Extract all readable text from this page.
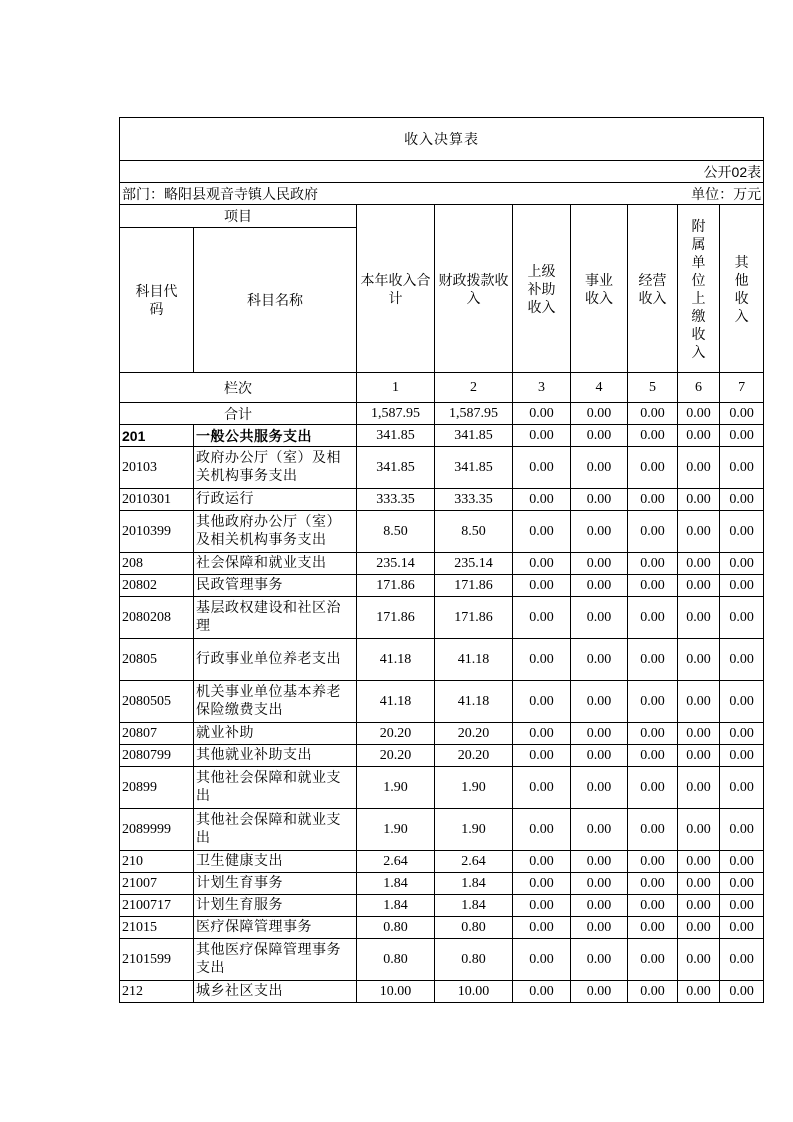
收入决算表								
公开02表								

部门：略阳县观音寺镇人民政府 单位：万元								

项目		本年收入合计	财政拨款收入	上级补助收入	事业收入	经营收入	附属单位上缴收入	其他收入
科目代码	科目名称							
栏次		1	2	3	4	5	6	7
合计		1,587.95	1,587.95	0.00	0.00	0.00	0.00	0.00
201	一般公共服务支出	341.85	341.85	0.00	0.00	0.00	0.00	0.00
20103	政府办公厅（室）及相关机构事务支出	341.85	341.85	0.00	0.00	0.00	0.00	0.00
2010301	行政运行	333.35	333.35	0.00	0.00	0.00	0.00	0.00
2010399	其他政府办公厅（室）及相关机构事务支出	8.50	8.50	0.00	0.00	0.00	0.00	0.00
208	社会保障和就业支出	235.14	235.14	0.00	0.00	0.00	0.00	0.00
20802	民政管理事务	171.86	171.86	0.00	0.00	0.00	0.00	0.00
2080208	基层政权建设和社区治理	171.86	171.86	0.00	0.00	0.00	0.00	0.00
20805	行政事业单位养老支出	41.18	41.18	0.00	0.00	0.00	0.00	0.00
2080505	机关事业单位基本养老保险缴费支出	41.18	41.18	0.00	0.00	0.00	0.00	0.00
20807	就业补助	20.20	20.20	0.00	0.00	0.00	0.00	0.00
2080799	其他就业补助支出	20.20	20.20	0.00	0.00	0.00	0.00	0.00
20899	其他社会保障和就业支出	1.90	1.90	0.00	0.00	0.00	0.00	0.00
2089999	其他社会保障和就业支出	1.90	1.90	0.00	0.00	0.00	0.00	0.00
210	卫生健康支出	2.64	2.64	0.00	0.00	0.00	0.00	0.00
21007	计划生育事务	1.84	1.84	0.00	0.00	0.00	0.00	0.00
2100717	计划生育服务	1.84	1.84	0.00	0.00	0.00	0.00	0.00
21015	医疗保障管理事务	0.80	0.80	0.00	0.00	0.00	0.00	0.00
2101599	其他医疗保障管理事务支出	0.80	0.80	0.00	0.00	0.00	0.00	0.00
212	城乡社区支出	10.00	10.00	0.00	0.00	0.00	0.00	0.00
